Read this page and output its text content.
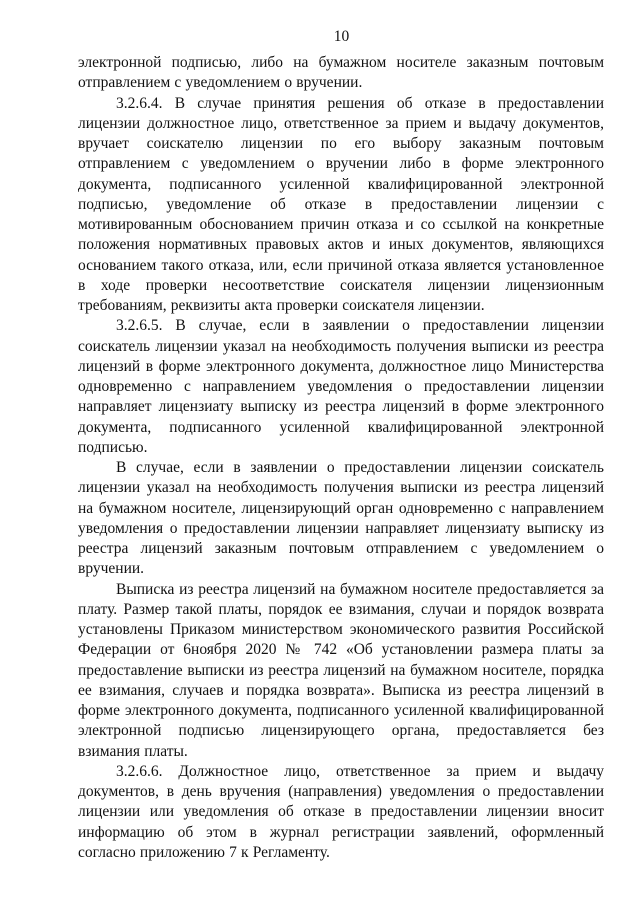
10

электронной подписью, либо на бумажном носителе заказным почтовым отправлением с уведомлением о вручении.

3.2.6.4. В случае принятия решения об отказе в предоставлении лицензии должностное лицо, ответственное за прием и выдачу документов, вручает соискателю лицензии по его выбору заказным почтовым отправлением с уведомлением о вручении либо в форме электронного документа, подписанного усиленной квалифицированной электронной подписью, уведомление об отказе в предоставлении лицензии с мотивированным обоснованием причин отказа и со ссылкой на конкретные положения нормативных правовых актов и иных документов, являющихся основанием такого отказа, или, если причиной отказа является установленное в ходе проверки несоответствие соискателя лицензии лицензионным требованиям, реквизиты акта проверки соискателя лицензии.

3.2.6.5. В случае, если в заявлении о предоставлении лицензии соискатель лицензии указал на необходимость получения выписки из реестра лицензий в форме электронного документа, должностное лицо Министерства одновременно с направлением уведомления о предоставлении лицензии направляет лицензиату выписку из реестра лицензий в форме электронного документа, подписанного усиленной квалифицированной электронной подписью.

В случае, если в заявлении о предоставлении лицензии соискатель лицензии указал на необходимость получения выписки из реестра лицензий на бумажном носителе, лицензирующий орган одновременно с направлением уведомления о предоставлении лицензии направляет лицензиату выписку из реестра лицензий заказным почтовым отправлением с уведомлением о вручении.

Выписка из реестра лицензий на бумажном носителе предоставляется за плату. Размер такой платы, порядок ее взимания, случаи и порядок возврата установлены Приказом министерством экономического развития Российской Федерации от 6ноября 2020 № 742 «Об установлении размера платы за предоставление выписки из реестра лицензий на бумажном носителе, порядка ее взимания, случаев и порядка возврата». Выписка из реестра лицензий в форме электронного документа, подписанного усиленной квалифицированной электронной подписью лицензирующего органа, предоставляется без взимания платы.

3.2.6.6. Должностное лицо, ответственное за прием и выдачу документов, в день вручения (направления) уведомления о предоставлении лицензии или уведомления об отказе в предоставлении лицензии вносит информацию об этом в журнал регистрации заявлений, оформленный согласно приложению 7 к Регламенту.
